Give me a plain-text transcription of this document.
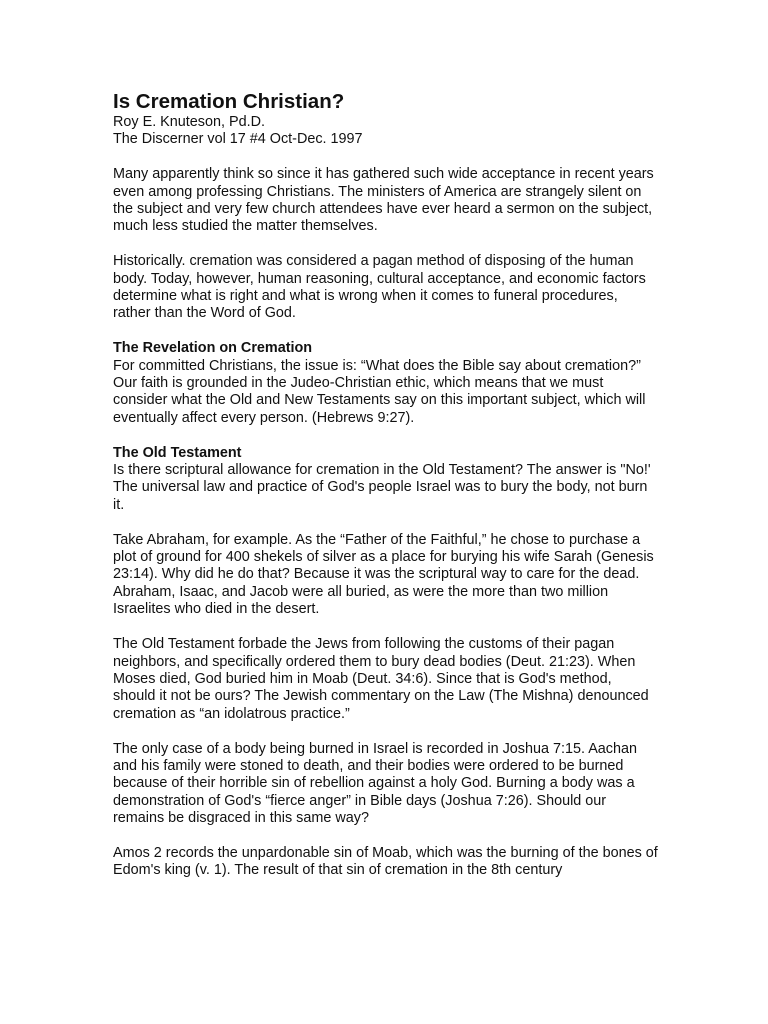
Is Cremation Christian?

Roy E. Knuteson, Pd.D.

The Discerner vol 17 #4 Oct-Dec. 1997

Many apparently think so since it has gathered such wide acceptance in recent years even among professing Christians. The ministers of America are strangely silent on the subject and very few church attendees have ever heard a sermon on the subject, much less studied the matter themselves.

Historically. cremation was considered a pagan method of disposing of the human body. Today, however, human reasoning, cultural acceptance, and economic factors determine what is right and what is wrong when it comes to funeral procedures, rather than the Word of God.

The Revelation on Cremation

For committed Christians, the issue is: “What does the Bible say about cremation?” Our faith is grounded in the Judeo-Christian ethic, which means that we must consider what the Old and New Testaments say on this important subject, which will eventually affect every person. (Hebrews 9:27).

The Old Testament

Is there scriptural allowance for cremation in the Old Testament? The answer is "No!' The universal law and practice of God's people Israel was to bury the body, not burn it.

Take Abraham, for example. As the “Father of the Faithful,” he chose to purchase a plot of ground for 400 shekels of silver as a place for burying his wife Sarah (Genesis 23:14). Why did he do that? Because it was the scriptural way to care for the dead. Abraham, Isaac, and Jacob were all buried, as were the more than two million Israelites who died in the desert.

The Old Testament forbade the Jews from following the customs of their pagan neighbors, and specifically ordered them to bury dead bodies (Deut. 21:23). When Moses died, God buried him in Moab (Deut. 34:6). Since that is God's method, should it not be ours? The Jewish commentary on the Law (The Mishna) denounced cremation as “an idolatrous practice.”

The only case of a body being burned in Israel is recorded in Joshua 7:15. Aachan and his family were stoned to death, and their bodies were ordered to be burned because of their horrible sin of rebellion against a holy God. Burning a body was a demonstration of God's “fierce anger” in Bible days (Joshua 7:26). Should our remains be disgraced in this same way?

Amos 2 records the unpardonable sin of Moab, which was the burning of the bones of Edom's king (v. 1). The result of that sin of cremation in the 8th century
